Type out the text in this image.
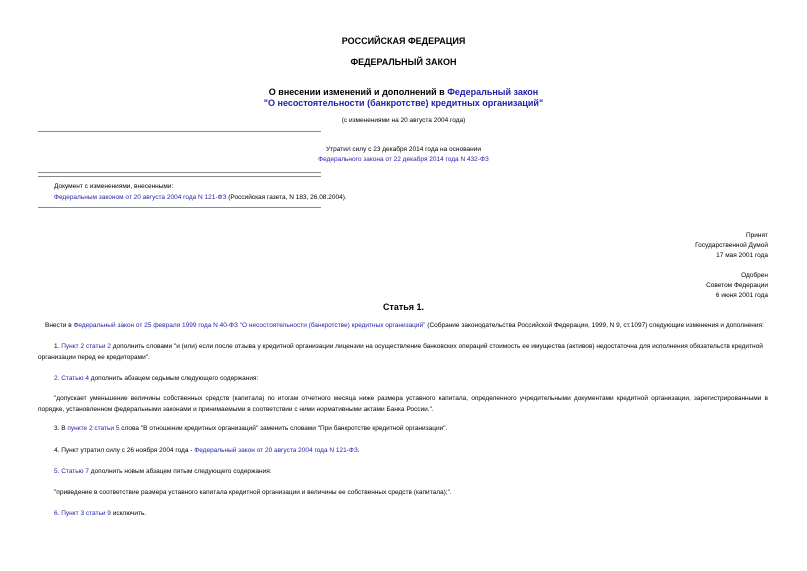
РОССИЙСКАЯ ФЕДЕРАЦИЯ
ФЕДЕРАЛЬНЫЙ ЗАКОН
О внесении изменений и дополнений в Федеральный закон
"О несостоятельности (банкротстве) кредитных организаций"
(с изменениями на 20 августа 2004 года)
Утратил силу с 23 декабря 2014 года на основании
Федерального закона от 22 декабря 2014 года N 432-ФЗ
Документ с изменениями, внесенными:
Федеральным законом от 20 августа 2004 года N 121-ФЗ (Российская газета, N 183, 26.08.2004).
Принят
Государственной Думой
17 мая 2001 года
Одобрен
Советом Федерации
6 июня 2001 года
Статья 1.
Внести в Федеральный закон от 25 февраля 1999 года N 40-ФЗ "О несостоятельности (банкротстве) кредитных организаций" (Собрание законодательства Российской Федерации, 1999, N 9, ст.1097) следующие изменения и дополнения:
1. Пункт 2 статьи 2 дополнить словами "и (или) если после отзыва у кредитной организации лицензии на осуществление банковских операций стоимость ее имущества (активов) недостаточна для исполнения обязательств кредитной организации перед ее кредиторами".
2. Статью 4 дополнить абзацем седьмым следующего содержания:
"допускает уменьшение величины собственных средств (капитала) по итогам отчетного месяца ниже размера уставного капитала, определенного учредительными документами кредитной организации, зарегистрированными в порядке, установленном федеральными законами и принимаемыми в соответствии с ними нормативными актами Банка России.".
3. В пункте 2 статьи 5 слова "В отношении кредитных организаций" заменить словами "При банкротстве кредитной организации".
4. Пункт утратил силу с 26 ноября 2004 года - Федеральный закон от 20 августа 2004 года N 121-ФЗ.
5. Статью 7 дополнить новым абзацем пятым следующего содержания:
"приведение в соответствие размера уставного капитала кредитной организации и величины ее собственных средств (капитала);".
6. Пункт 3 статьи 9 исключить.
